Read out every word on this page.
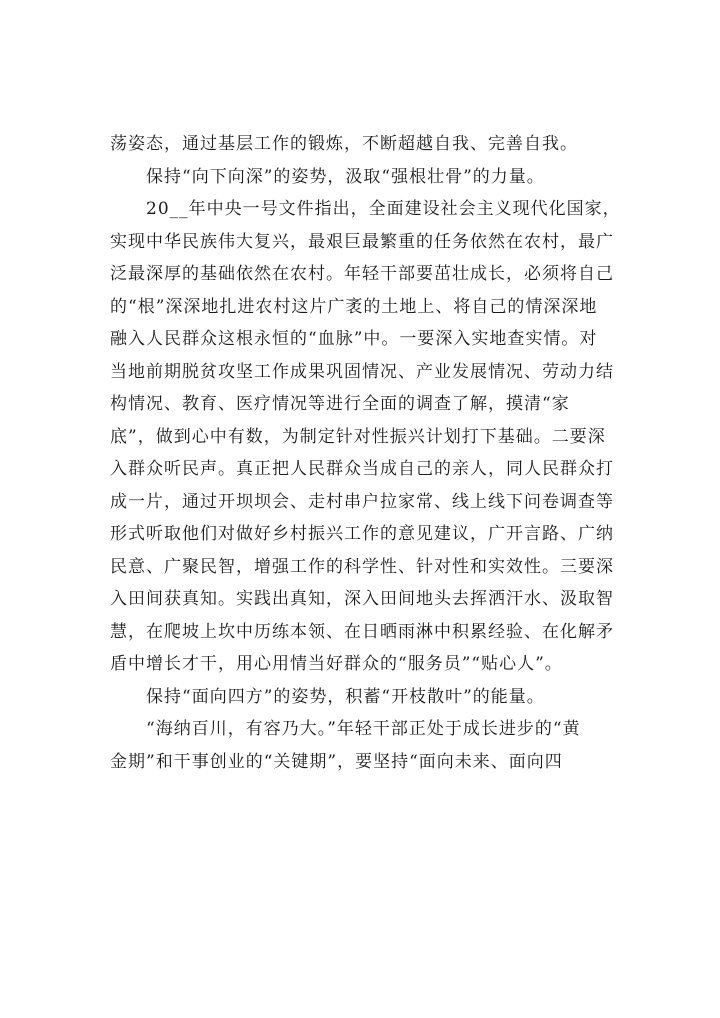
荡姿态，通过基层工作的锻炼，不断超越自我、完善自我。
　　保持“向下向深”的姿势，汲取“强根壮骨”的力量。
　　20__年中央一号文件指出，全面建设社会主义现代化国家，
实现中华民族伟大复兴，最艰巨最繁重的任务依然在农村，最广
泛最深厚的基础依然在农村。年轻干部要茁壮成长，必须将自己
的“根”深深地扎进农村这片广袤的土地上、将自己的情深深地
融入人民群众这根永恒的“血脉”中。一要深入实地查实情。对
当地前期脱贫攻坚工作成果巩固情况、产业发展情况、劳动力结
构情况、教育、医疗情况等进行全面的调查了解，摸清“家
底”，做到心中有数，为制定针对性振兴计划打下基础。二要深
入群众听民声。真正把人民群众当成自己的亲人，同人民群众打
成一片，通过开坝坝会、走村串户拉家常、线上线下问卷调查等
形式听取他们对做好乡村振兴工作的意见建议，广开言路、广纳
民意、广聚民智，增强工作的科学性、针对性和实效性。三要深
入田间获真知。实践出真知，深入田间地头去挥洒汗水、汲取智
慧，在爬坡上坎中历练本领、在日晒雨淋中积累经验、在化解矛
盾中增长才干，用心用情当好群众的“服务员”“贴心人”。
　　保持“面向四方”的姿势，积蓄“开枝散叶”的能量。
　　“海纳百川，有容乃大。”年轻干部正处于成长进步的“黄
金期”和干事创业的“关键期”，要坚持“面向未来、面向四
